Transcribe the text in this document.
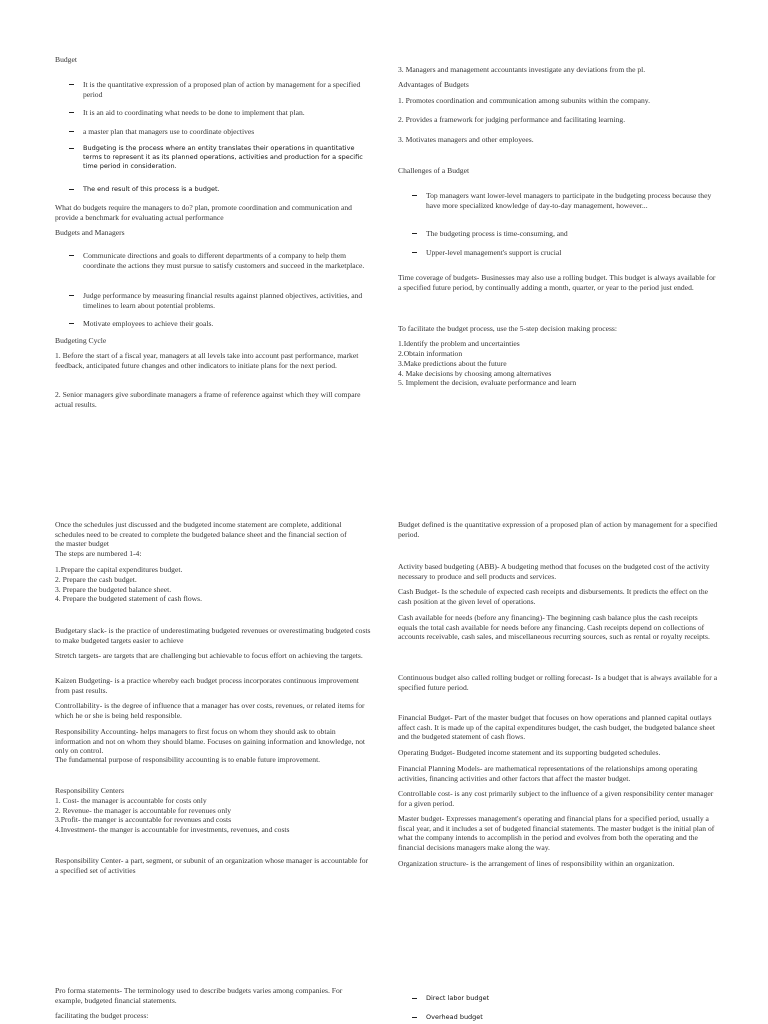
Budget
It is the quantitative expression of a proposed plan of action by management for a specified period
It is an aid to coordinating what needs to be done to implement that plan.
a master plan that managers use to coordinate objectives
Budgeting is the process where an entity translates their operations in quantitative terms to represent it as its planned operations, activities and production for a specific time period in consideration.
The end result of this process is a budget.
What do budgets require the managers to do? plan, promote coordination and communication and provide a benchmark for evaluating actual performance
Budgets and Managers
Communicate directions and goals to different departments of a company to help them coordinate the actions they must pursue to satisfy customers and succeed in the marketplace.
Judge performance by measuring financial results against planned objectives, activities, and timelines to learn about potential problems.
Motivate employees to achieve their goals.
Budgeting Cycle
1. Before the start of a fiscal year, managers at all levels take into account past performance, market feedback, anticipated future changes and other indicators to initiate plans for the next period.
2. Senior managers give subordinate managers a frame of reference against which they will compare actual results.
3. Managers and management accountants investigate any deviations from the pl.
Advantages of Budgets
1. Promotes coordination and communication among subunits within the company.
2. Provides a framework for judging performance and facilitating learning.
3. Motivates managers and other employees.
Challenges of a Budget
Top managers want lower-level managers to participate in the budgeting process because they have more specialized knowledge of day-to-day management, however...
The budgeting process is time-consuming, and
Upper-level management's support is crucial
Time coverage of budgets- Businesses may also use a rolling budget. This budget is always available for a specified future period, by continually adding a month, quarter, or year to the period just ended.
To facilitate the budget process, use the 5-step decision making process:
1.Identify the problem and uncertainties
2.Obtain information
3.Make predictions about the future
4. Make decisions by choosing among alternatives
5. Implement the decision, evaluate performance and learn
Once the schedules just discussed and the budgeted income statement are complete, additional schedules need to be created to complete the budgeted balance sheet and the financial section of the master budget
The steps are numbered 1-4:
1.Prepare the capital expenditures budget.
2. Prepare the cash budget.
3. Prepare the budgeted balance sheet.
4. Prepare the budgeted statement of cash flows.
Budgetary slack- is the practice of underestimating budgeted revenues or overestimating budgeted costs to make budgeted targets easier to achieve
Stretch targets- are targets that are challenging but achievable to focus effort on achieving the targets.
Kaizen Budgeting- is a practice whereby each budget process incorporates continuous improvement from past results.
Controllability- is the degree of influence that a manager has over costs, revenues, or related items for which he or she is being held responsible.
Responsibility Accounting- helps managers to first focus on whom they should ask to obtain information and not on whom they should blame. Focuses on gaining information and knowledge, not only on control.
The fundamental purpose of responsibility accounting is to enable future improvement.
Responsibility Centers
1. Cost- the manager is accountable for costs only
2. Revenue- the manager is accountable for revenues only
3.Profit- the manger is accountable for revenues and costs
4.Investment- the manger is accountable for investments, revenues, and costs
Responsibility Center- a part, segment, or subunit of an organization whose manager is accountable for a specified set of activities
Budget defined is the quantitative expression of a proposed plan of action by management for a specified period.
Activity based budgeting (ABB)- A budgeting method that focuses on the budgeted cost of the activity necessary to produce and sell products and services.
Cash Budget- Is the schedule of expected cash receipts and disbursements. It predicts the effect on the cash position at the given level of operations.
Cash available for needs (before any financing)- The beginning cash balance plus the cash receipts equals the total cash available for needs before any financing. Cash receipts depend on collections of accounts receivable, cash sales, and miscellaneous recurring sources, such as rental or royalty receipts.
Continuous budget also called rolling budget or rolling forecast- Is a budget that is always available for a specified future period.
Financial Budget- Part of the master budget that focuses on how operations and planned capital outlays affect cash. It is made up of the capital expenditures budget, the cash budget, the budgeted balance sheet and the budgeted statement of cash flows.
Operating Budget- Budgeted income statement and its supporting budgeted schedules.
Financial Planning Models- are mathematical representations of the relationships among operating activities, financing activities and other factors that affect the master budget.
Controllable cost- is any cost primarily subject to the influence of a given responsibility center manager for a given period.
Master budget- Expresses management's operating and financial plans for a specified period, usually a fiscal year, and it includes a set of budgeted financial statements. The master budget is the initial plan of what the company intends to accomplish in the period and evolves from both the operating and the financial decisions managers make along the way.
Organization structure- is the arrangement of lines of responsibility within an organization.
Pro forma statements- The terminology used to describe budgets varies among companies. For example, budgeted financial statements.
facilitating the budget process:
Direct labor budget
Overhead budget
